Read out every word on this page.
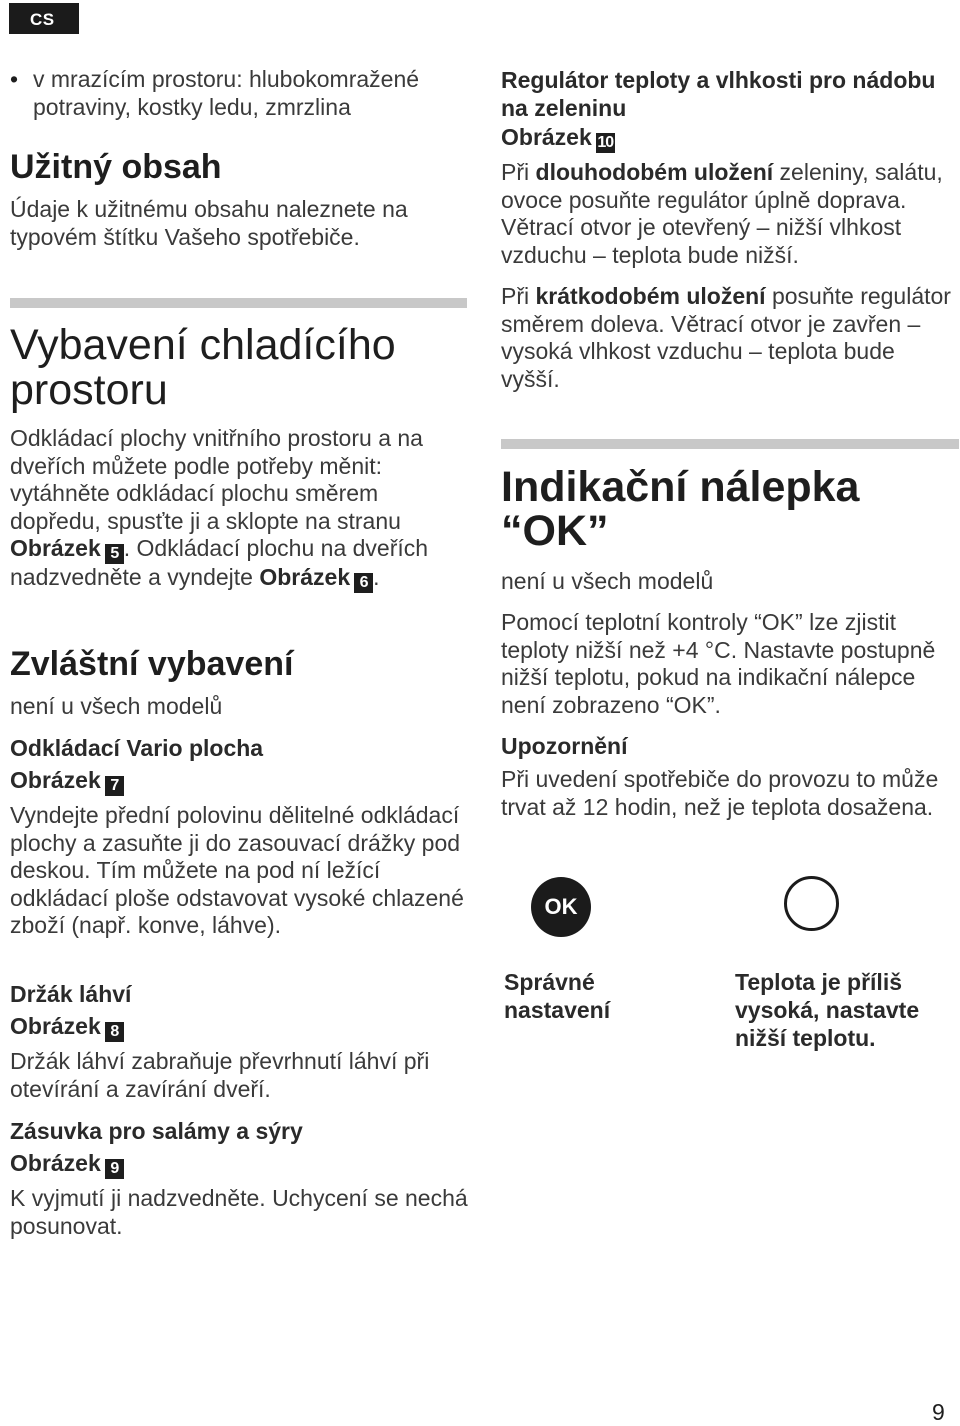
CS
• v mrazícím prostoru: hlubokomražené potraviny, kostky ledu, zmrzlina
Užitný obsah
Údaje k užitnému obsahu naleznete na typovém štítku Vašeho spotřebiče.
Vybavení chladícího prostoru
Odkládací plochy vnitřního prostoru a na dveřích můžete podle potřeby měnit: vytáhněte odkládací plochu směrem dopředu, spusťte ji a sklopte na stranu Obrázek 5 . Odkládací plochu na dveřích nadzvedněte a vyndejte Obrázek 6 .
Zvláštní vybavení
není u všech modelů
Odkládací Vario plocha
Obrázek 7
Vyndejte přední polovinu dělitelné odkládací plochy a zasuňte ji do zasouvací drážky pod deskou. Tím můžete na pod ní ležící odkládací ploše odstavovat vysoké chlazené zboží (např. konve, láhve).
Držák láhví
Obrázek 8
Držák láhví zabraňuje převrhnutí láhví při otevírání a zavírání dveří.
Zásuvka pro salámy a sýry
Obrázek 9
K vyjmutí ji nadzvedněte. Uchycení se nechá posunovat.
Regulátor teploty a vlhkosti pro nádobu na zeleninu
Obrázek 10
Při dlouhodobém uložení zeleniny, salátu, ovoce posuňte regulátor úplně doprava. Větrací otvor je otevřený – nižší vlhkost vzduchu – teplota bude nižší.
Při krátkodobém uložení posuňte regulátor směrem doleva. Větrací otvor je zavřen – vysoká vlhkost vzduchu – teplota bude vyšší.
Indikační nálepka “OK”
není u všech modelů
Pomocí teplotní kontroly “OK” lze zjistit teploty nižší než +4 °C. Nastavte postupně nižší teplotu, pokud na indikační nálepce není zobrazeno “OK”.
Upozornění
Při uvedení spotřebiče do provozu to může trvat až 12 hodin, než je teplota dosažena.
OK
Správné nastavení
Teplota je příliš vysoká, nastavte nižší teplotu.
9
